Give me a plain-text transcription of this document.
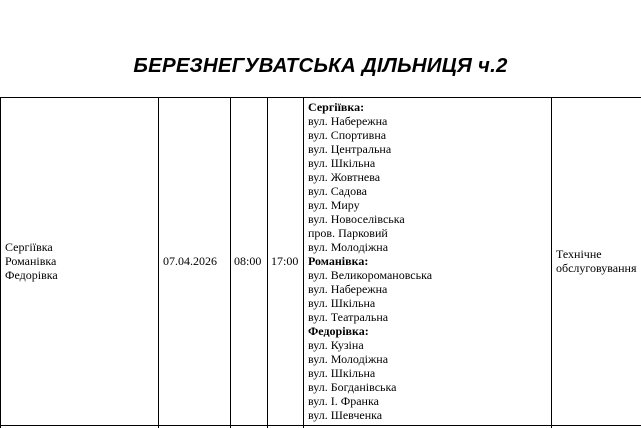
БЕРЕЗНЕГУВАТСЬКА ДІЛЬНИЦЯ ч.2
Сергіївка
Романівка
Федорівка
07.04.2026 08:00 17:00
Сергіївка:
вул. Набережна
вул. Спортивна
вул. Центральна
вул. Шкільна
вул. Жовтнева
вул. Садова
вул. Миру
вул. Новоселівська
пров. Парковий
вул. Молодіжна
Романівка:
вул. Великоромановська
вул. Набережна
вул. Шкільна
вул. Театральна
Федорівка:
вул. Кузіна
вул. Молодіжна
вул. Шкільна
вул. Богданівська
вул. І. Франка
вул. Шевченка
Технічне
обслуговування
